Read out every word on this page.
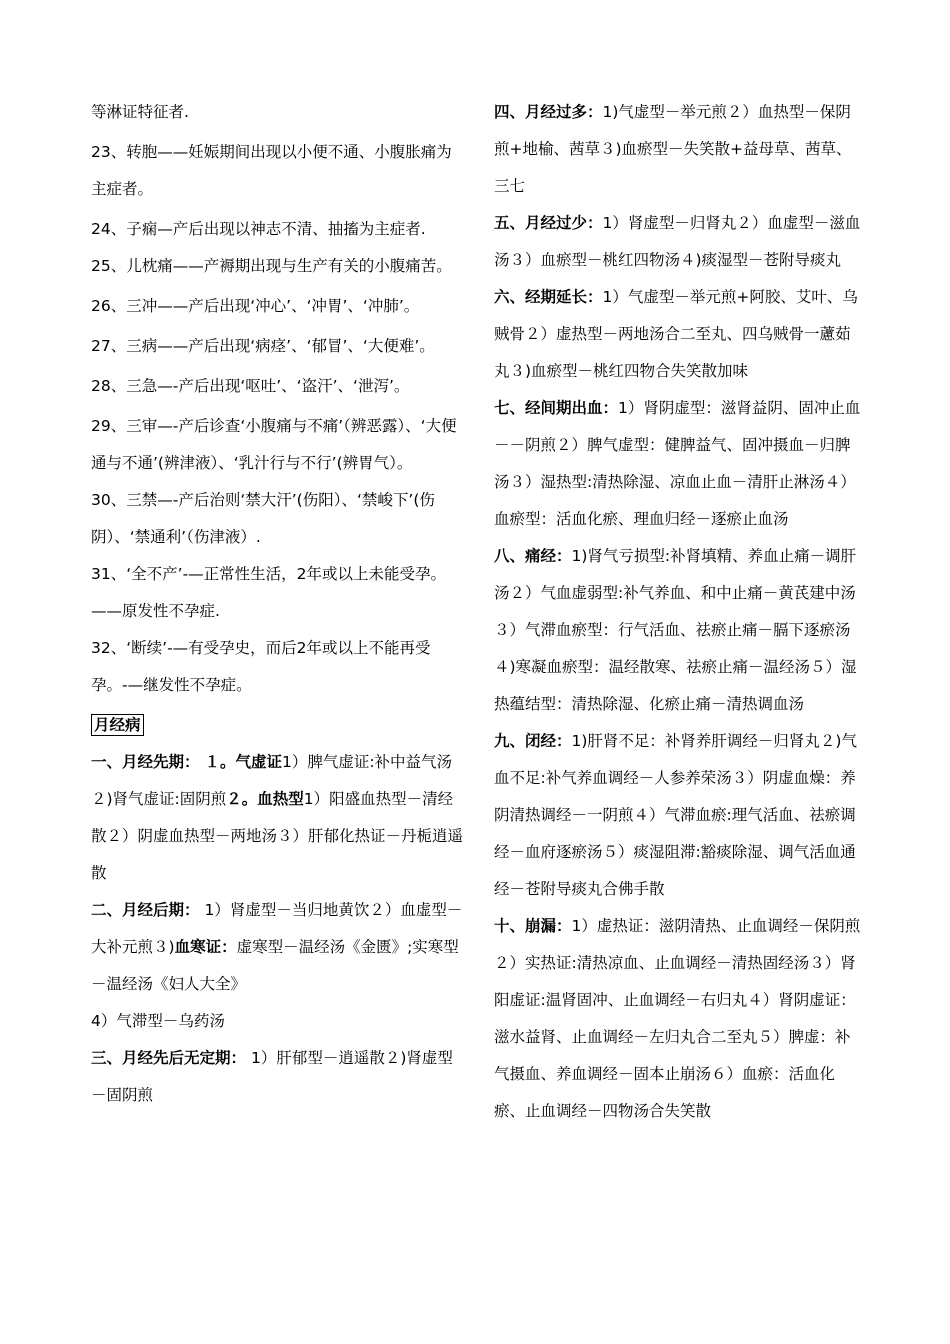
等淋证特征者.

23、转胞——妊娠期间出现以小便不通、小腹胀痛为主症者。

24、子痫—产后出现以神志不清、抽搐为主症者.

25、儿枕痛——产褥期出现与生产有关的小腹痛苦。

26、三冲——产后出现‘冲心’、‘冲胃’、‘冲肺’。

27、三病——产后出现‘病痉’、‘郁冒’、‘大便难’。

28、三急—-产后出现‘呕吐’、‘盗汗’、‘泄泻’。

29、三审—-产后诊查‘小腹痛与不痛’（辨恶露）、‘大便通与不通’(辨津液）、‘乳汁行与不行’(辨胃气）。

30、三禁—-产后治则‘禁大汗’(伤阳）、‘禁峻下’(伤阴）、‘禁通利’（伤津液）.

31、‘全不产’-—正常性生活，2年或以上未能受孕。——原发性不孕症.

32、‘断续’-—有受孕史，而后2年或以上不能再受孕。-—继发性不孕症。

月经病

一、月经先期： １。气虚证1）脾气虚证:补中益气汤２)肾气虚证:固阴煎２。血热型1）阳盛血热型－清经散２）阴虚血热型－两地汤３）肝郁化热证－丹栀逍遥散

二、月经后期： 1）肾虚型－当归地黄饮２）血虚型－大补元煎３)血寒证：虚寒型－温经汤《金匮》;实寒型－温经汤《妇人大全》

4）气滞型－乌药汤

三、月经先后无定期： 1）肝郁型－逍遥散２)肾虚型－固阴煎

四、月经过多：1)气虚型－举元煎２）血热型－保阴煎+地榆、茜草３)血瘀型－失笑散+益母草、茜草、三七

五、月经过少：1）肾虚型－归肾丸２）血虚型－滋血汤３）血瘀型－桃红四物汤４)痰湿型－苍附导痰丸

六、经期延长：1）气虚型－举元煎+阿胶、艾叶、乌贼骨２）虚热型－两地汤合二至丸、四乌贼骨一藘茹丸３)血瘀型－桃红四物合失笑散加味

七、经间期出血：1）肾阴虚型：滋肾益阴、固冲止血－－阴煎２）脾气虚型：健脾益气、固冲摄血－归脾汤３）湿热型:清热除湿、凉血止血－清肝止淋汤４）血瘀型：活血化瘀、理血归经－逐瘀止血汤

八、痛经：1)肾气亏损型:补肾填精、养血止痛－调肝汤２）气血虚弱型:补气养血、和中止痛－黄芪建中汤３）气滞血瘀型：行气活血、祛瘀止痛－膈下逐瘀汤４)寒凝血瘀型：温经散寒、祛瘀止痛－温经汤５）湿热蕴结型：清热除湿、化瘀止痛－清热调血汤

九、闭经：1)肝肾不足：补肾养肝调经－归肾丸２)气血不足:补气养血调经－人参养荣汤３）阴虚血燥：养阴清热调经－一阴煎４）气滞血瘀:理气活血、祛瘀调经－血府逐瘀汤５）痰湿阻滞:豁痰除湿、调气活血通经－苍附导痰丸合佛手散

十、崩漏：1）虚热证：滋阴清热、止血调经－保阴煎２）实热证:清热凉血、止血调经－清热固经汤３）肾阳虚证:温肾固冲、止血调经－右归丸４）肾阴虚证：滋水益肾、止血调经－左归丸合二至丸５）脾虚：补气摄血、养血调经－固本止崩汤６）血瘀：活血化瘀、止血调经－四物汤合失笑散
